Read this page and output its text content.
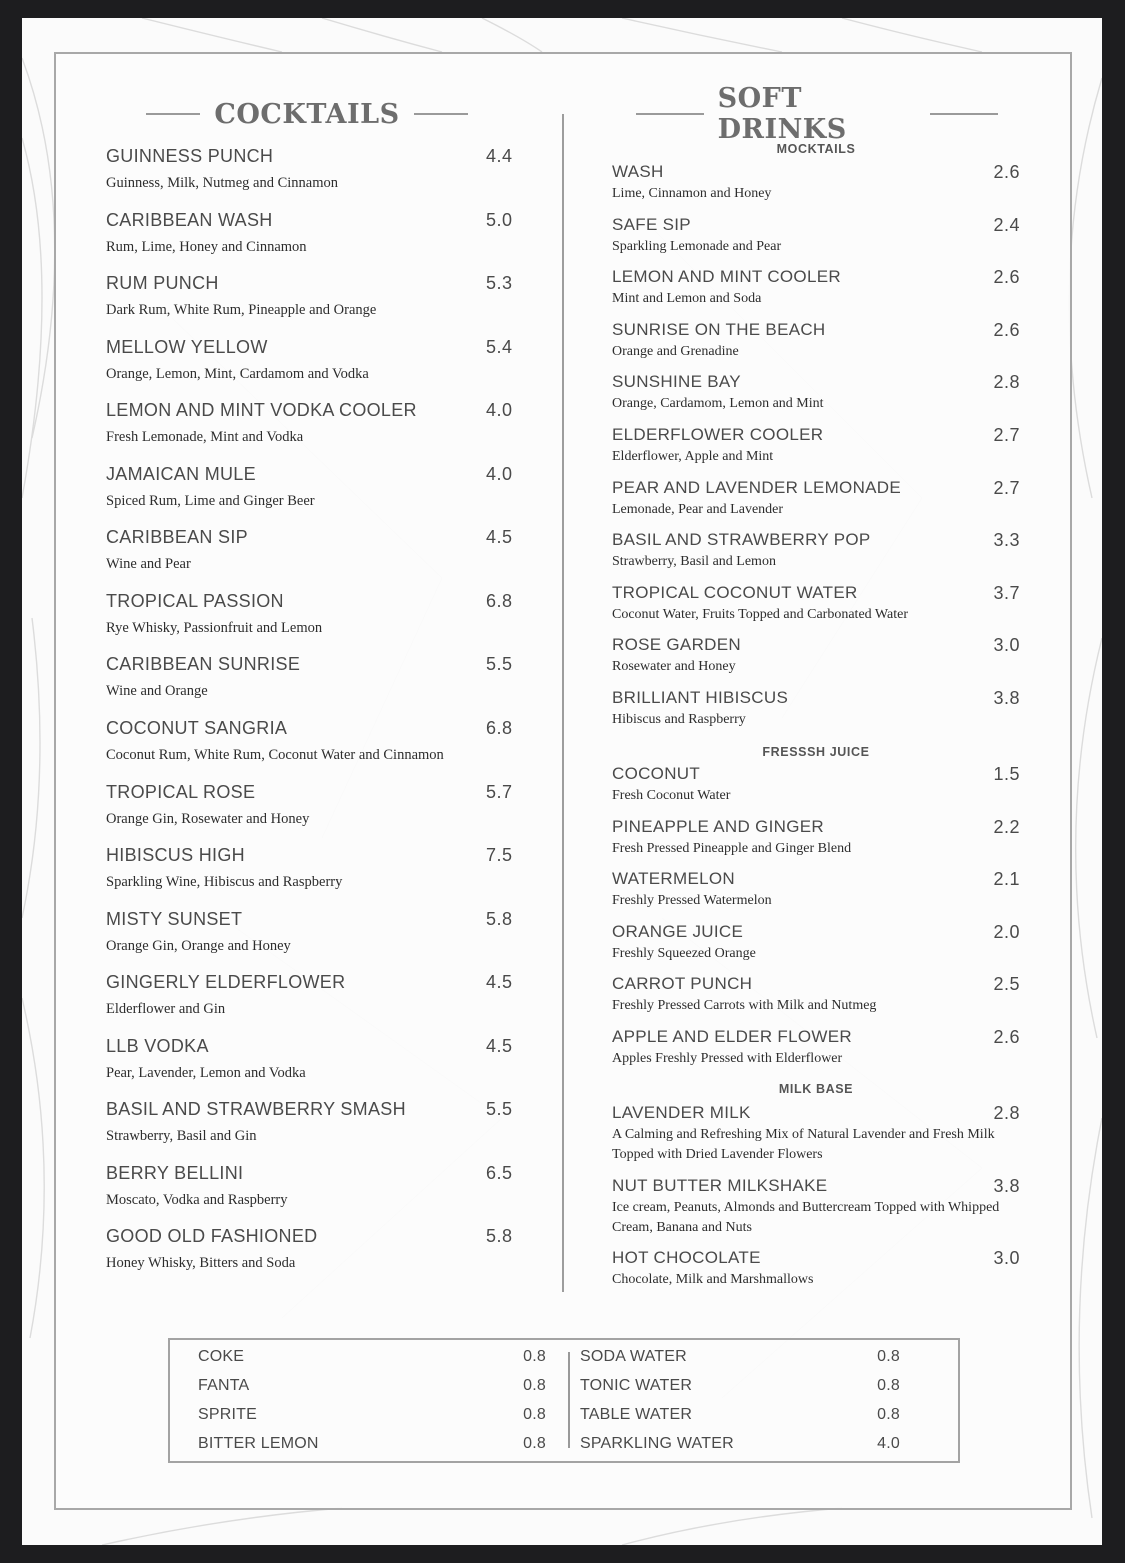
COCKTAILS	SOFT DRINKS
GUINNESS PUNCH	4.4
Guinness, Milk, Nutmeg and Cinnamon
CARIBBEAN WASH	5.0
Rum, Lime, Honey and Cinnamon
RUM PUNCH	5.3
Dark Rum, White Rum, Pineapple and Orange
MELLOW YELLOW	5.4
Orange, Lemon, Mint, Cardamom and Vodka
LEMON AND MINT VODKA COOLER	4.0
Fresh Lemonade, Mint and Vodka
JAMAICAN MULE	4.0
Spiced Rum, Lime and Ginger Beer
CARIBBEAN SIP	4.5
Wine and Pear
TROPICAL PASSION	6.8
Rye Whisky, Passionfruit and Lemon
CARIBBEAN SUNRISE	5.5
Wine and Orange
COCONUT SANGRIA	6.8
Coconut Rum, White Rum, Coconut Water and Cinnamon
TROPICAL ROSE	5.7
Orange Gin, Rosewater and Honey
HIBISCUS HIGH	7.5
Sparkling Wine, Hibiscus and Raspberry
MISTY SUNSET	5.8
Orange Gin, Orange and Honey
GINGERLY ELDERFLOWER	4.5
Elderflower and Gin
LLB VODKA	4.5
Pear, Lavender, Lemon and Vodka
BASIL AND STRAWBERRY SMASH	5.5
Strawberry, Basil and Gin
BERRY BELLINI	6.5
Moscato, Vodka and Raspberry
GOOD OLD FASHIONED	5.8
Honey Whisky, Bitters and Soda
MOCKTAILS
WASH	2.6
Lime, Cinnamon and Honey
SAFE SIP	2.4
Sparkling Lemonade and Pear
LEMON AND MINT COOLER	2.6
Mint and Lemon and Soda
SUNRISE ON THE BEACH	2.6
Orange and Grenadine
SUNSHINE BAY	2.8
Orange, Cardamom, Lemon and Mint
ELDERFLOWER COOLER	2.7
Elderflower, Apple and Mint
PEAR AND LAVENDER LEMONADE	2.7
Lemonade, Pear and Lavender
BASIL AND STRAWBERRY POP	3.3
Strawberry, Basil and Lemon
TROPICAL COCONUT WATER	3.7
Coconut Water, Fruits Topped and Carbonated Water
ROSE GARDEN	3.0
Rosewater and Honey
BRILLIANT HIBISCUS	3.8
Hibiscus and Raspberry
FRESSSH JUICE
COCONUT	1.5
Fresh Coconut Water
PINEAPPLE AND GINGER	2.2
Fresh Pressed Pineapple and Ginger Blend
WATERMELON	2.1
Freshly Pressed Watermelon
ORANGE JUICE	2.0
Freshly Squeezed Orange
CARROT PUNCH	2.5
Freshly Pressed Carrots with Milk and Nutmeg
APPLE AND ELDER FLOWER	2.6
Apples Freshly Pressed with Elderflower
MILK BASE
LAVENDER MILK	2.8
A Calming and Refreshing Mix of Natural Lavender and Fresh Milk Topped with Dried Lavender Flowers
NUT BUTTER MILKSHAKE	3.8
Ice cream, Peanuts, Almonds and Buttercream Topped with Whipped Cream, Banana and Nuts
HOT CHOCOLATE	3.0
Chocolate, Milk and Marshmallows
COKE	0.8
FANTA	0.8
SPRITE	0.8
BITTER LEMON	0.8
SODA WATER	0.8
TONIC WATER	0.8
TABLE WATER	0.8
SPARKLING WATER	4.0
